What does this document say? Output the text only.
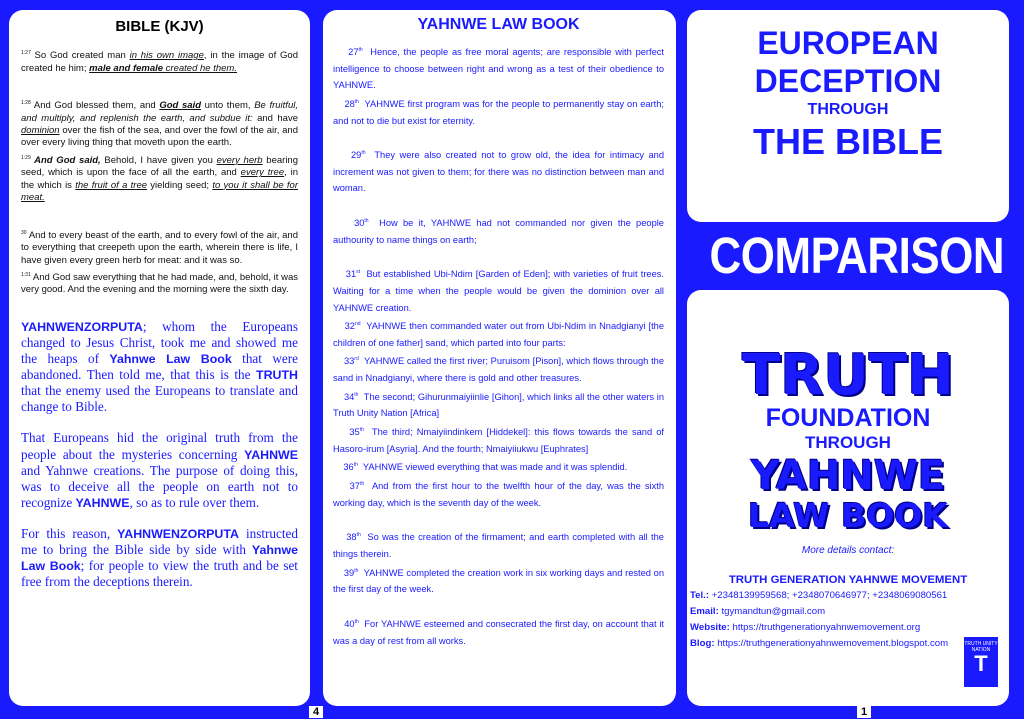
BIBLE (KJV)

$^{1:27}$ So God created man in his own image, in the image of God created he him; male and female created he them.

$^{1:28}$ And God blessed them, and God said unto them, Be fruitful, and multiply, and replenish the earth, and subdue it: and have dominion over the fish of the sea, and over the fowl of the air, and over every living thing that moveth upon the earth.

$^{1:29}$ And God said, Behold, I have given you every herb bearing seed, which is upon the face of all the earth, and every tree, in the which is the fruit of a tree yielding seed; to you it shall be for meat.

$^{30}$ And to every beast of the earth, and to every fowl of the air, and to everything that creepeth upon the earth, wherein there is life, I have given every green herb for meat: and it was so.

$^{1:31}$ And God saw everything that he had made, and, behold, it was very good. And the evening and the morning were the sixth day.

YAHNWENZORPUTA; whom the Europeans changed to Jesus Christ, took me and showed me the heaps of Yahnwe Law Book that were abandoned. Then told me, that this is the TRUTH that the enemy used the Europeans to translate and change to Bible.

That Europeans hid the original truth from the people about the mysteries concerning YAHNWE and Yahnwe creations. The purpose of doing this, was to deceive all the people on earth not to recognize YAHNWE, so as to rule over them.

For this reason, YAHNWENZORPUTA instructed me to bring the Bible side by side with Yahnwe Law Book; for people to view the truth and be set free from the deceptions therein.

YAHNWE LAW BOOK

27th Hence, the people as free moral agents; are responsible with perfect intelligence to choose between right and wrong as a test of their obedience to YAHNWE.

28th YAHNWE first program was for the people to permanently stay on earth; and not to die but exist for eternity.

29th They were also created not to grow old, the idea for intimacy and increment was not given to them; for there was no distinction between man and woman.

30th How be it, YAHNWE had not commanded nor given the people authourity to name things on earth;

31st But established Ubi-Ndim [Garden of Eden]; with varieties of fruit trees. Waiting for a time when the people would be given the dominion over all YAHNWE creation.

32nd YAHNWE then commanded water out from Ubi-Ndim in Nnadgianyi [the children of one father] sand, which parted into four parts:

33rd YAHNWE called the first river; Puruisom [Pison], which flows through the sand in Nnadgianyi, where there is gold and other treasures.

34th The second; Gihurunmaiyiinlie [Gihon], which links all the other waters in Truth Unity Nation [Africa]

35th The third; Nmaiyiindinkem [Hiddekel]: this flows towards the sand of Hasoro-irum [Asyria]. And the fourth; Nmaiyiiukwu [Euphrates]

36th YAHNWE viewed everything that was made and it was splendid.

37th And from the first hour to the twelfth hour of the day, was the sixth working day, which is the seventh day of the week.

38th So was the creation of the firmament; and earth completed with all the things therein.

39th YAHNWE completed the creation work in six working days and rested on the first day of the week.

40th For YAHNWE esteemed and consecrated the first day, on account that it was a day of rest from all works.

EUROPEAN
DECEPTION
THROUGH
THE BIBLE
COMPARISON
TRUTH
FOUNDATION
THROUGH
YAHNWE
LAW BOOK
More details contact:
TRUTH GENERATION YAHNWE MOVEMENT
Tel.: +2348139959568; +2348070646977; +2348069080561
Email: tgymandtun@gmail.com
Website: https://truthgenerationyahnwemovement.org
Blog: https://truthgenerationyahnwemovement.blogspot.com	TRUTH UNITY NATION
T
4	1
